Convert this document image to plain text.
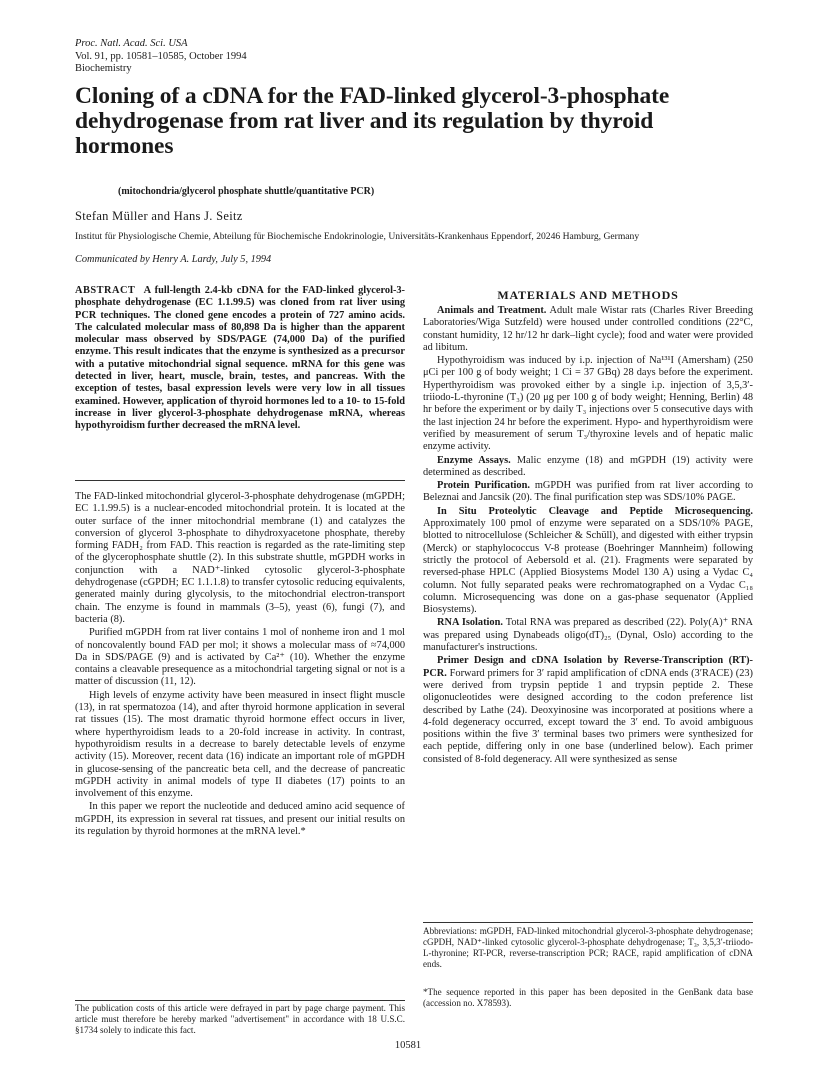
Proc. Natl. Acad. Sci. USA
Vol. 91, pp. 10581–10585, October 1994
Biochemistry
Cloning of a cDNA for the FAD-linked glycerol-3-phosphate dehydrogenase from rat liver and its regulation by thyroid hormones
(mitochondria/glycerol phosphate shuttle/quantitative PCR)
Stefan Müller and Hans J. Seitz
Institut für Physiologische Chemie, Abteilung für Biochemische Endokrinologie, Universitäts-Krankenhaus Eppendorf, 20246 Hamburg, Germany
Communicated by Henry A. Lardy, July 5, 1994
ABSTRACT A full-length 2.4-kb cDNA for the FAD-linked glycerol-3-phosphate dehydrogenase (EC 1.1.99.5) was cloned from rat liver using PCR techniques. The cloned gene encodes a protein of 727 amino acids. The calculated molecular mass of 80,898 Da is higher than the apparent molecular mass observed by SDS/PAGE (74,000 Da) of the purified enzyme. This result indicates that the enzyme is synthesized as a precursor with a putative mitochondrial signal sequence. mRNA for this gene was detected in liver, heart, muscle, brain, testes, and pancreas. With the exception of testes, basal expression levels were very low in all tissues examined. However, application of thyroid hormones led to a 10- to 15-fold increase in liver glycerol-3-phosphate dehydrogenase mRNA, whereas hypothyroidism further decreased the mRNA level.

The FAD-linked mitochondrial glycerol-3-phosphate dehydrogenase (mGPDH; EC 1.1.99.5) is a nuclear-encoded mitochondrial protein. It is located at the outer surface of the inner mitochondrial membrane (1) and catalyzes the conversion of glycerol 3-phosphate to dihydroxyacetone phosphate, thereby forming FADH₂ from FAD. This reaction is regarded as the rate-limiting step of the glycerophosphate shuttle (2). In this substrate shuttle, mGPDH works in conjunction with a NAD⁺-linked cytosolic glycerol-3-phosphate dehydrogenase (cGPDH; EC 1.1.1.8) to transfer cytosolic reducing equivalents, generated mainly during glycolysis, to the mitochondrial electron-transport chain. The enzyme is found in mammals (3–5), yeast (6), fungi (7), and bacteria (8).

Purified mGPDH from rat liver contains 1 mol of nonheme iron and 1 mol of noncovalently bound FAD per mol; it shows a molecular mass of ≈74,000 Da in SDS/PAGE (9) and is activated by Ca²⁺ (10). Whether the enzyme contains a cleavable presequence as a mitochondrial targeting signal or not is a matter of discussion (11, 12).

High levels of enzyme activity have been measured in insect flight muscle (13), in rat spermatozoa (14), and after thyroid hormone application in several rat tissues (15). The most dramatic thyroid hormone effect occurs in liver, where hyperthyroidism leads to a 20-fold increase in activity. In contrast, hypothyroidism results in a decrease to barely detectable levels of enzyme activity (15). Moreover, recent data (16) indicate an important role of mGPDH in glucose-sensing of the pancreatic beta cell, and the decrease of pancreatic mGPDH activity in animal models of type II diabetes (17) points to an involvement of this enzyme.

In this paper we report the nucleotide and deduced amino acid sequence of mGPDH, its expression in several rat tissues, and present our initial results on its regulation by thyroid hormones at the mRNA level.*

The publication costs of this article were defrayed in part by page charge payment. This article must therefore be hereby marked "advertisement" in accordance with 18 U.S.C. §1734 solely to indicate this fact.
MATERIALS AND METHODS

Animals and Treatment. Adult male Wistar rats (Charles River Breeding Laboratories/Wiga Sutzfeld) were housed under controlled conditions (22°C, constant humidity, 12 hr/12 hr dark–light cycle); food and water were provided ad libitum.

Hypothyroidism was induced by i.p. injection of Na¹³¹I (Amersham) (250 μCi per 100 g of body weight; 1 Ci = 37 GBq) 28 days before the experiment. Hyperthyroidism was provoked either by a single i.p. injection of 3,5,3′-triiodo-L-thyronine (T₃) (20 μg per 100 g of body weight; Henning, Berlin) 48 hr before the experiment or by daily T₃ injections over 5 consecutive days with the last injection 24 hr before the experiment. Hypo- and hyperthyroidism were verified by measurement of serum T₃/thyroxine levels and of hepatic malic enzyme activity.

Enzyme Assays. Malic enzyme (18) and mGPDH (19) activity were determined as described.

Protein Purification. mGPDH was purified from rat liver according to Beleznai and Jancsik (20). The final purification step was SDS/10% PAGE.

In Situ Proteolytic Cleavage and Peptide Microsequencing. Approximately 100 pmol of enzyme were separated on a SDS/10% PAGE, blotted to nitrocellulose (Schleicher & Schüll), and digested with either trypsin (Merck) or staphylococcus V-8 protease (Boehringer Mannheim) following strictly the protocol of Aebersold et al. (21). Fragments were separated by reversed-phase HPLC (Applied Biosystems Model 130 A) using a Vydac C₄ column. Not fully separated peaks were rechromatographed on a Vydac C₁₈ column. Microsequencing was done on a gas-phase sequenator (Applied Biosystems).

RNA Isolation. Total RNA was prepared as described (22). Poly(A)⁺ RNA was prepared using Dynabeads oligo(dT)₂₅ (Dynal, Oslo) according to the manufacturer's instructions.

Primer Design and cDNA Isolation by Reverse-Transcription (RT)-PCR. Forward primers for 3′ rapid amplification of cDNA ends (3′RACE) (23) were derived from trypsin peptide 1 and trypsin peptide 2. These oligonucleotides were designed according to the codon preference list described by Lathe (24). Deoxyinosine was incorporated at positions where a 4-fold degeneracy occurred, except toward the 3′ end. To avoid ambiguous positions within the five 3′ terminal bases two primers were synthesized for each peptide, differing only in one base (underlined below). Each primer consisted of 8-fold degeneracy. All were synthesized as sense

Abbreviations: mGPDH, FAD-linked mitochondrial glycerol-3-phosphate dehydrogenase; cGPDH, NAD⁺-linked cytosolic glycerol-3-phosphate dehydrogenase; T₃, 3,5,3′-triiodo-L-thyronine; RT-PCR, reverse-transcription PCR; RACE, rapid amplification of cDNA ends.
*The sequence reported in this paper has been deposited in the GenBank data base (accession no. X78593).
10581
